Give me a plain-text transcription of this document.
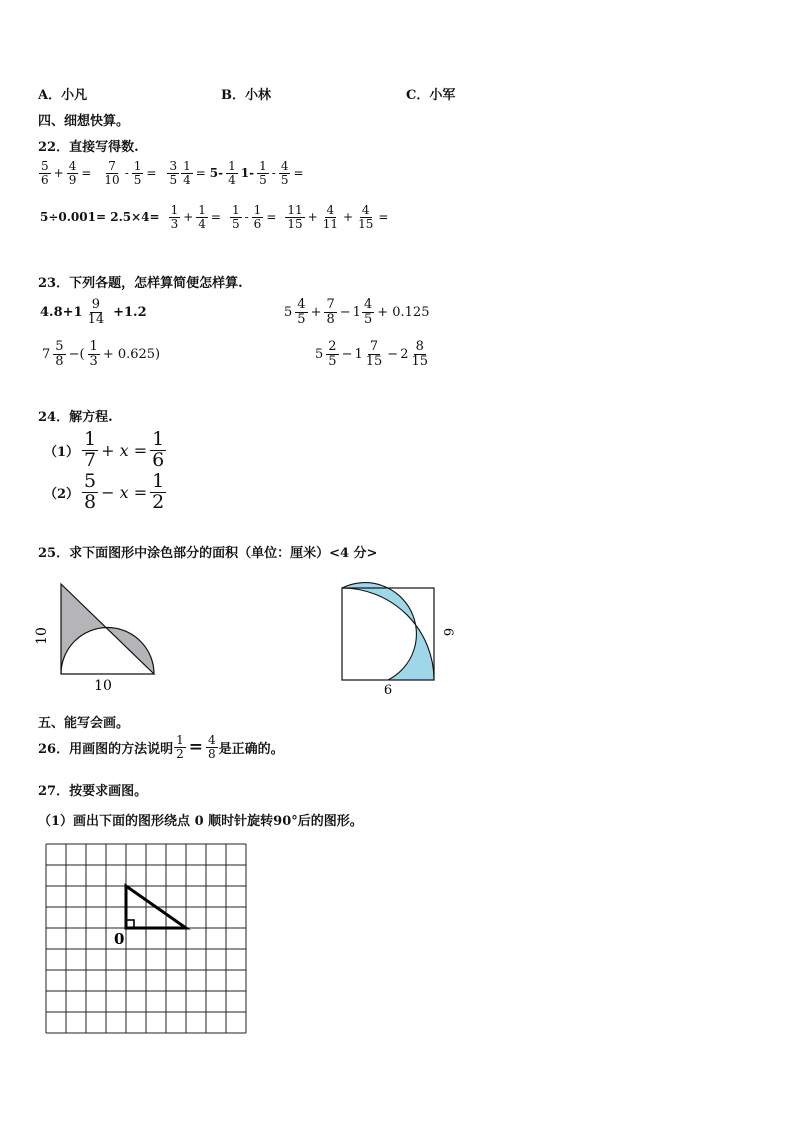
A．小凡	B．小林	C．小军
四、细想快算。
22．直接写得数.
$\frac{5}{6} + \frac{4}{9} = \frac{7}{10} - \frac{1}{5} = \frac{3}{5} \frac{1}{4} = 5- \frac{1}{4} 1- \frac{1}{5} - \frac{4}{5}$ =
$5\div 0.001= 2.5\times 4= \frac{1}{3} + \frac{1}{4} = \frac{1}{5} - \frac{1}{6} = \frac{11}{15} + \frac{4}{11} + \frac{4}{15}$ =
23．下列各题，怎样算简便怎样算.
$4.8+1 \frac{9}{14} +1.2$	$5 \frac{4}{5} + \frac{7}{8} - 1 \frac{4}{5} + 0.125$
$7 \frac{5}{8}$ −( $\frac{1}{3} + 0.625$)	$5 \frac{2}{5} - 1 \frac{7}{15} - 2 \frac{8}{15}$
24．解方程.
$(1) \frac{1}{7} + x = \frac{1}{6}$
$(2) \frac{5}{8} - x = \frac{1}{2}$
25．求下面图形中涂色部分的面积（单位：厘米）<4 分>
10
10
6
6
五、能写会画。
26．用画图的方法说明 $\frac{1}{2} = \frac{4}{8}$ 是正确的。
27．按要求画图。
（1）画出下面的图形绕点 0 顺时针旋转90°后的图形。
0
